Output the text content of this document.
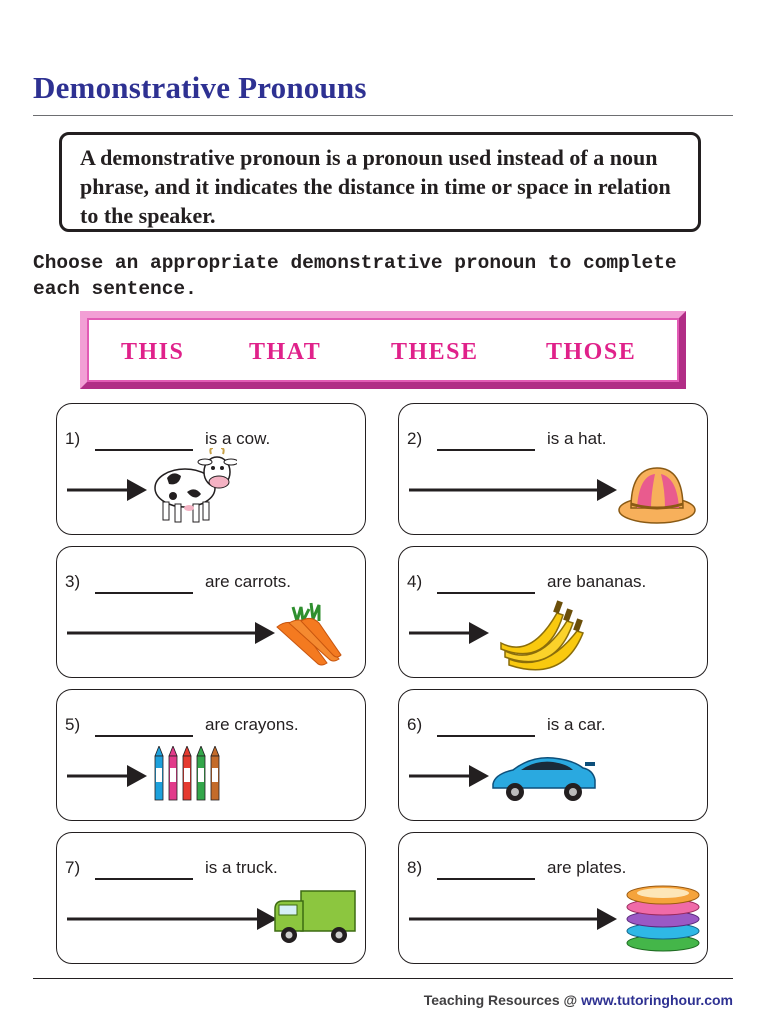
Demonstrative Pronouns
A demonstrative pronoun is a pronoun used instead of a noun phrase, and it indicates the distance in time or space in relation to the speaker.
Choose an appropriate demonstrative pronoun to complete each sentence.
THIS	THAT	THESE	THOSE
1)	is a cow.	2)	is a hat.
3)	are carrots.	4)	are bananas.
5)	are crayons.	6)	is a car.
7)	is a truck.	8)	are plates.
Teaching Resources @ www.tutoringhour.com
